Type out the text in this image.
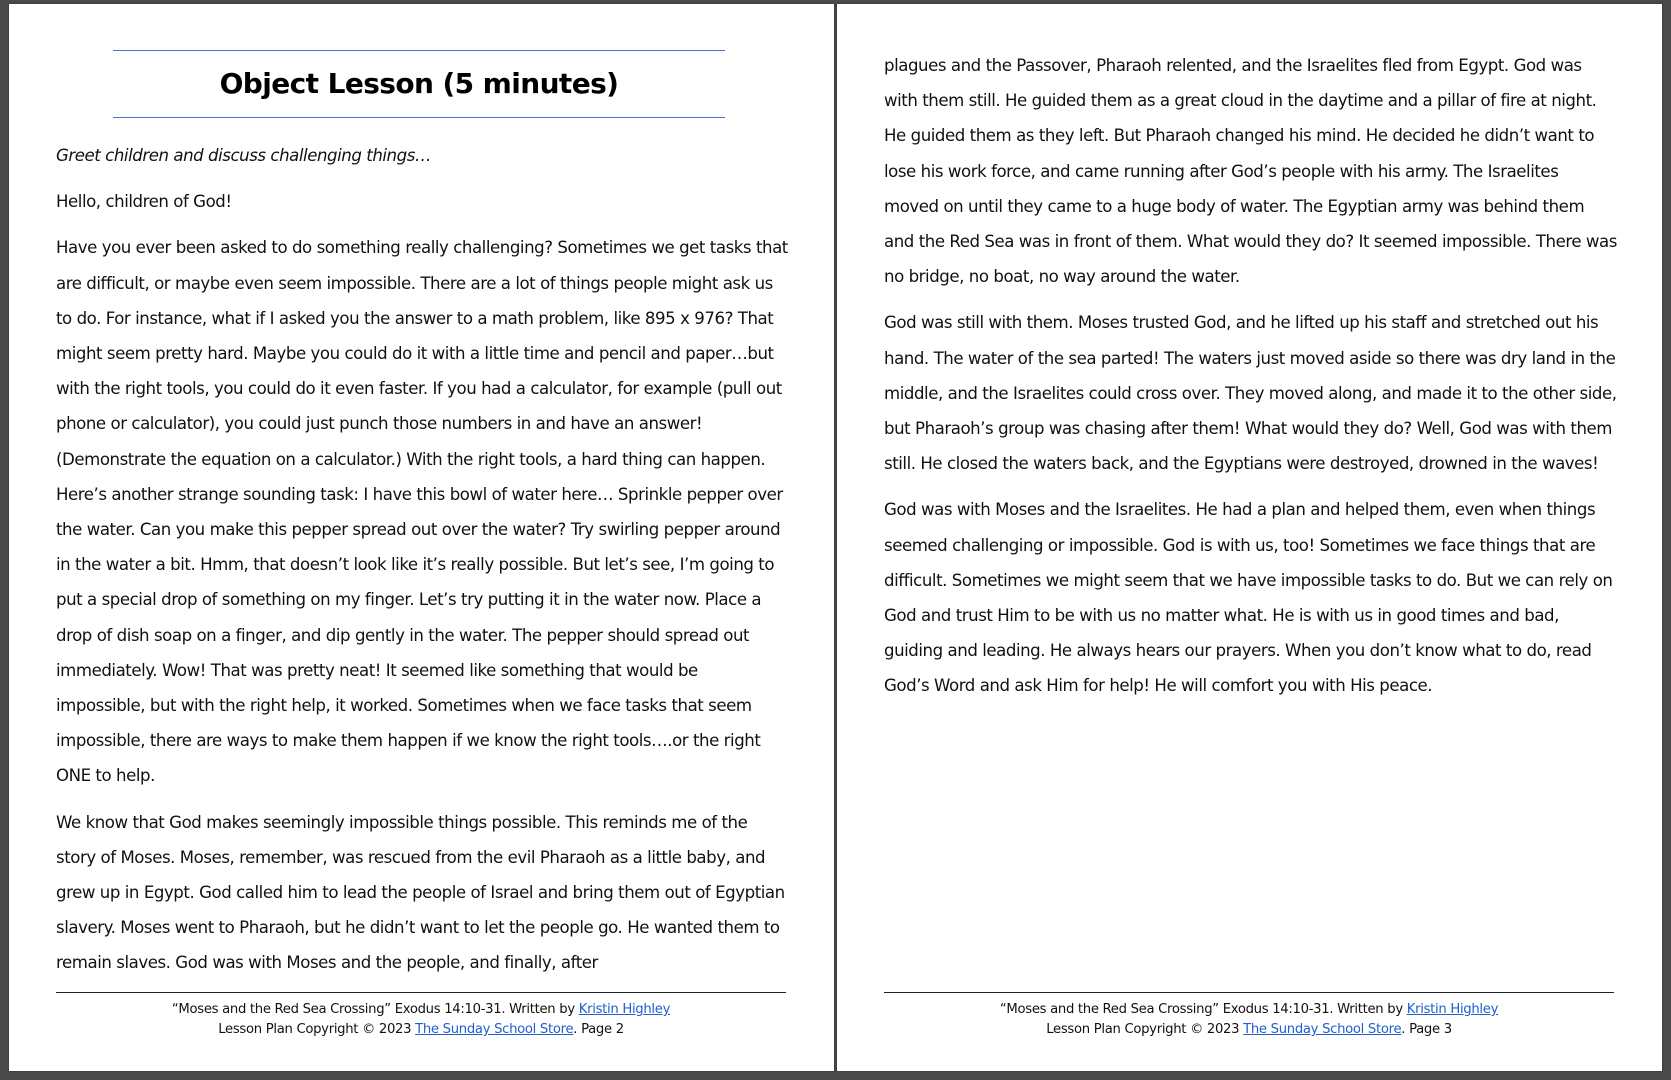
Object Lesson (5 minutes)

Greet children and discuss challenging things…

Hello, children of God!

Have you ever been asked to do something really challenging? Sometimes we get tasks that are difficult, or maybe even seem impossible. There are a lot of things people might ask us to do. For instance, what if I asked you the answer to a math problem, like 895 x 976? That might seem pretty hard. Maybe you could do it with a little time and pencil and paper…but with the right tools, you could do it even faster. If you had a calculator, for example (pull out phone or calculator), you could just punch those numbers in and have an answer! (Demonstrate the equation on a calculator.) With the right tools, a hard thing can happen. Here’s another strange sounding task: I have this bowl of water here… Sprinkle pepper over the water. Can you make this pepper spread out over the water? Try swirling pepper around in the water a bit. Hmm, that doesn’t look like it’s really possible. But let’s see, I’m going to put a special drop of something on my finger. Let’s try putting it in the water now. Place a drop of dish soap on a finger, and dip gently in the water. The pepper should spread out immediately. Wow! That was pretty neat! It seemed like something that would be impossible, but with the right help, it worked. Sometimes when we face tasks that seem impossible, there are ways to make them happen if we know the right tools….or the right ONE to help.

We know that God makes seemingly impossible things possible. This reminds me of the story of Moses. Moses, remember, was rescued from the evil Pharaoh as a little baby, and grew up in Egypt. God called him to lead the people of Israel and bring them out of Egyptian slavery. Moses went to Pharaoh, but he didn’t want to let the people go. He wanted them to remain slaves. God was with Moses and the people, and finally, after

“Moses and the Red Sea Crossing” Exodus 14:10-31. Written by Kristin Highley
Lesson Plan Copyright © 2023 The Sunday School Store. Page 2

plagues and the Passover, Pharaoh relented, and the Israelites fled from Egypt. God was with them still. He guided them as a great cloud in the daytime and a pillar of fire at night. He guided them as they left. But Pharaoh changed his mind. He decided he didn’t want to lose his work force, and came running after God’s people with his army. The Israelites moved on until they came to a huge body of water. The Egyptian army was behind them and the Red Sea was in front of them. What would they do? It seemed impossible. There was no bridge, no boat, no way around the water.

God was still with them. Moses trusted God, and he lifted up his staff and stretched out his hand. The water of the sea parted! The waters just moved aside so there was dry land in the middle, and the Israelites could cross over. They moved along, and made it to the other side, but Pharaoh’s group was chasing after them! What would they do? Well, God was with them still. He closed the waters back, and the Egyptians were destroyed, drowned in the waves!

God was with Moses and the Israelites. He had a plan and helped them, even when things seemed challenging or impossible. God is with us, too! Sometimes we face things that are difficult. Sometimes we might seem that we have impossible tasks to do. But we can rely on God and trust Him to be with us no matter what. He is with us in good times and bad, guiding and leading. He always hears our prayers. When you don’t know what to do, read God’s Word and ask Him for help! He will comfort you with His peace.

“Moses and the Red Sea Crossing” Exodus 14:10-31. Written by Kristin Highley
Lesson Plan Copyright © 2023 The Sunday School Store. Page 3
